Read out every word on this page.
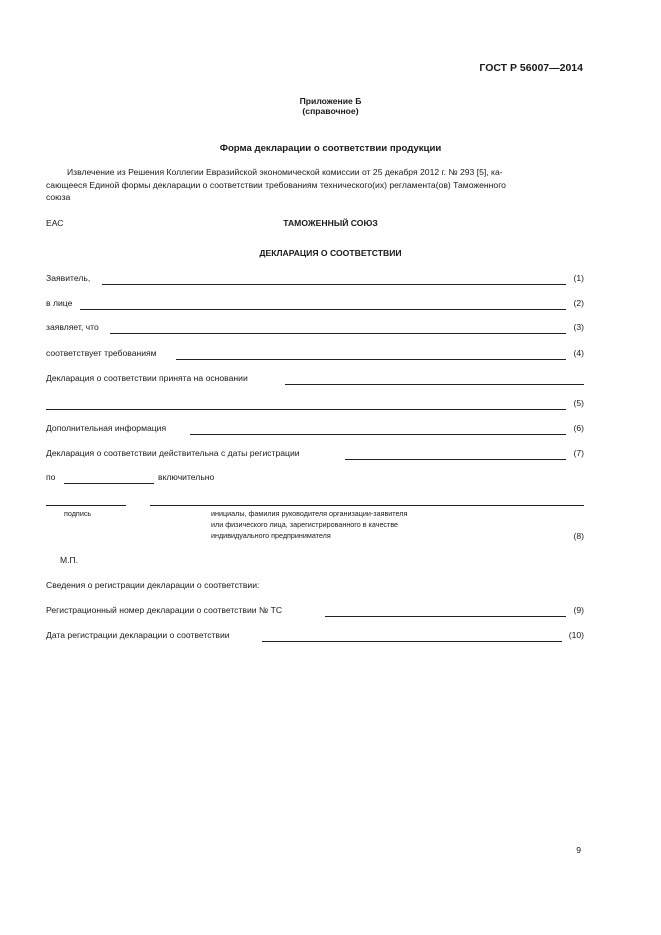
ГОСТ Р 56007—2014
Приложение Б
(справочное)
Форма декларации о соответствии продукции
Извлечение из Решения Коллегии Евразийской экономической комиссии от 25 декабря 2012 г. № 293 [5], ка-
сающееся Единой формы декларации о соответствии требованиям технического(их) регламента(ов) Таможенного
союза
ЕАС	ТАМОЖЕННЫЙ СОЮЗ
ДЕКЛАРАЦИЯ О СООТВЕТСТВИИ
Заявитель,	(1)
в лице	(2)
заявляет, что	(3)
соответствует требованиям	(4)
Декларация о соответствии принята на основании
(5)
Дополнительная информация	(6)
Декларация о соответствии действительна с даты регистрации	(7)
по	включительно
подпись	инициалы, фамилия руководителя организации-заявителя
или физического лица, зарегистрированного в качестве
индивидуального предпринимателя	(8)
М.П.
Сведения о регистрации декларации о соответствии:
Регистрационный номер декларации о соответствии № ТС	(9)
Дата регистрации декларации о соответствии	(10)
9
